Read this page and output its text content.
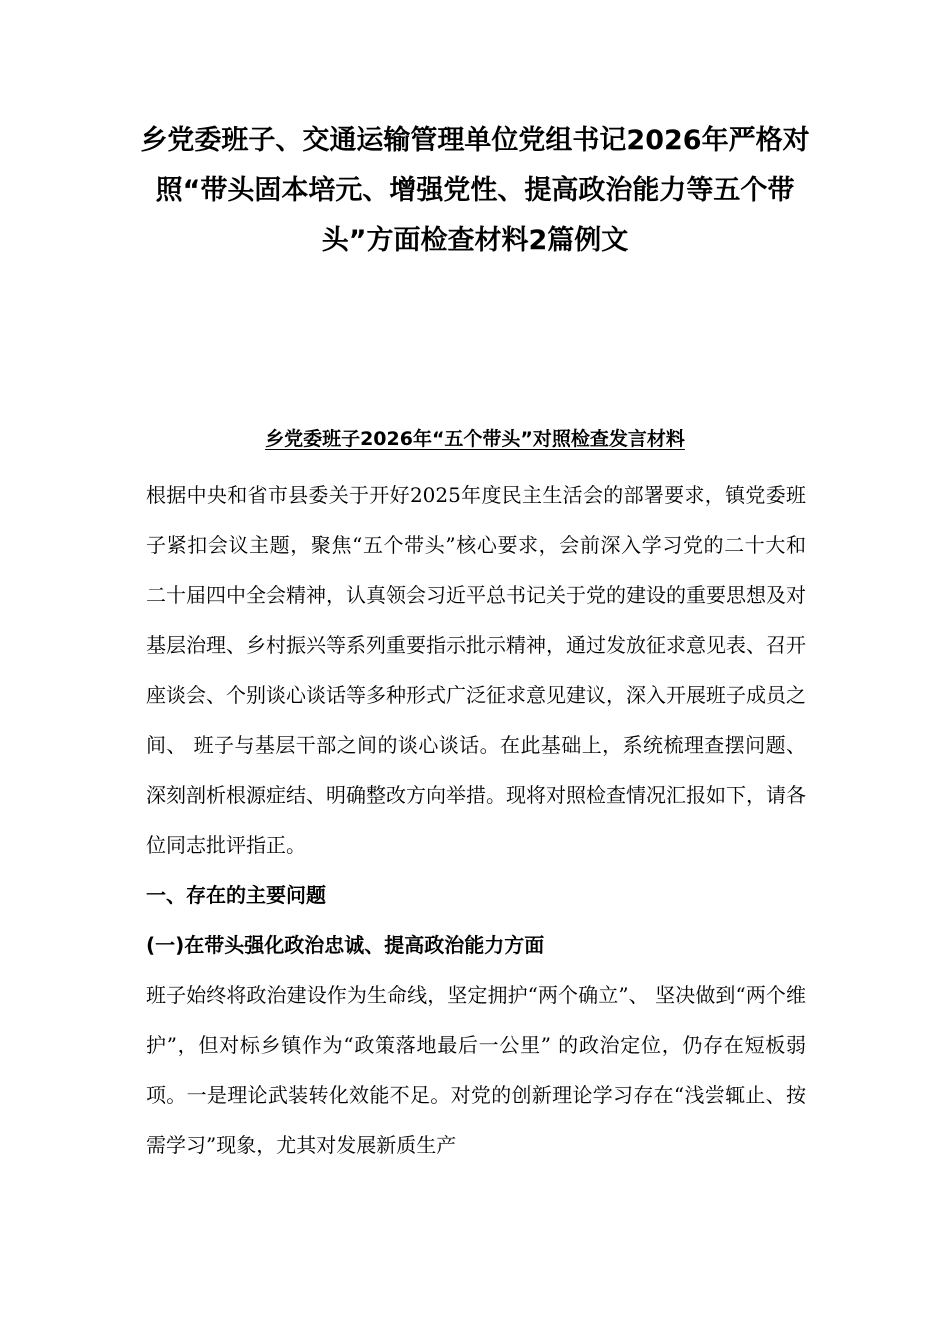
乡党委班子、交通运输管理单位党组书记2026年严格对照“带头固本培元、增强党性、提高政治能力等五个带头”方面检查材料2篇例文
乡党委班子2026年“五个带头”对照检查发言材料

根据中央和省市县委关于开好2025年度民主生活会的部署要求，镇党委班子紧扣会议主题，聚焦“五个带头”核心要求，会前深入学习党的二十大和二十届四中全会精神，认真领会习近平总书记关于党的建设的重要思想及对基层治理、乡村振兴等系列重要指示批示精神，通过发放征求意见表、召开座谈会、个别谈心谈话等多种形式广泛征求意见建议，深入开展班子成员之间、 班子与基层干部之间的谈心谈话。在此基础上，系统梳理查摆问题、深刻剖析根源症结、明确整改方向举措。现将对照检查情况汇报如下，请各位同志批评指正。

一、存在的主要问题

(一)在带头强化政治忠诚、提高政治能力方面

班子始终将政治建设作为生命线，坚定拥护“两个确立”、 坚决做到“两个维护”，但对标乡镇作为“政策落地最后一公里” 的政治定位，仍存在短板弱项。一是理论武装转化效能不足。对党的创新理论学习存在“浅尝辄止、按需学习”现象，尤其对发展新质生产
